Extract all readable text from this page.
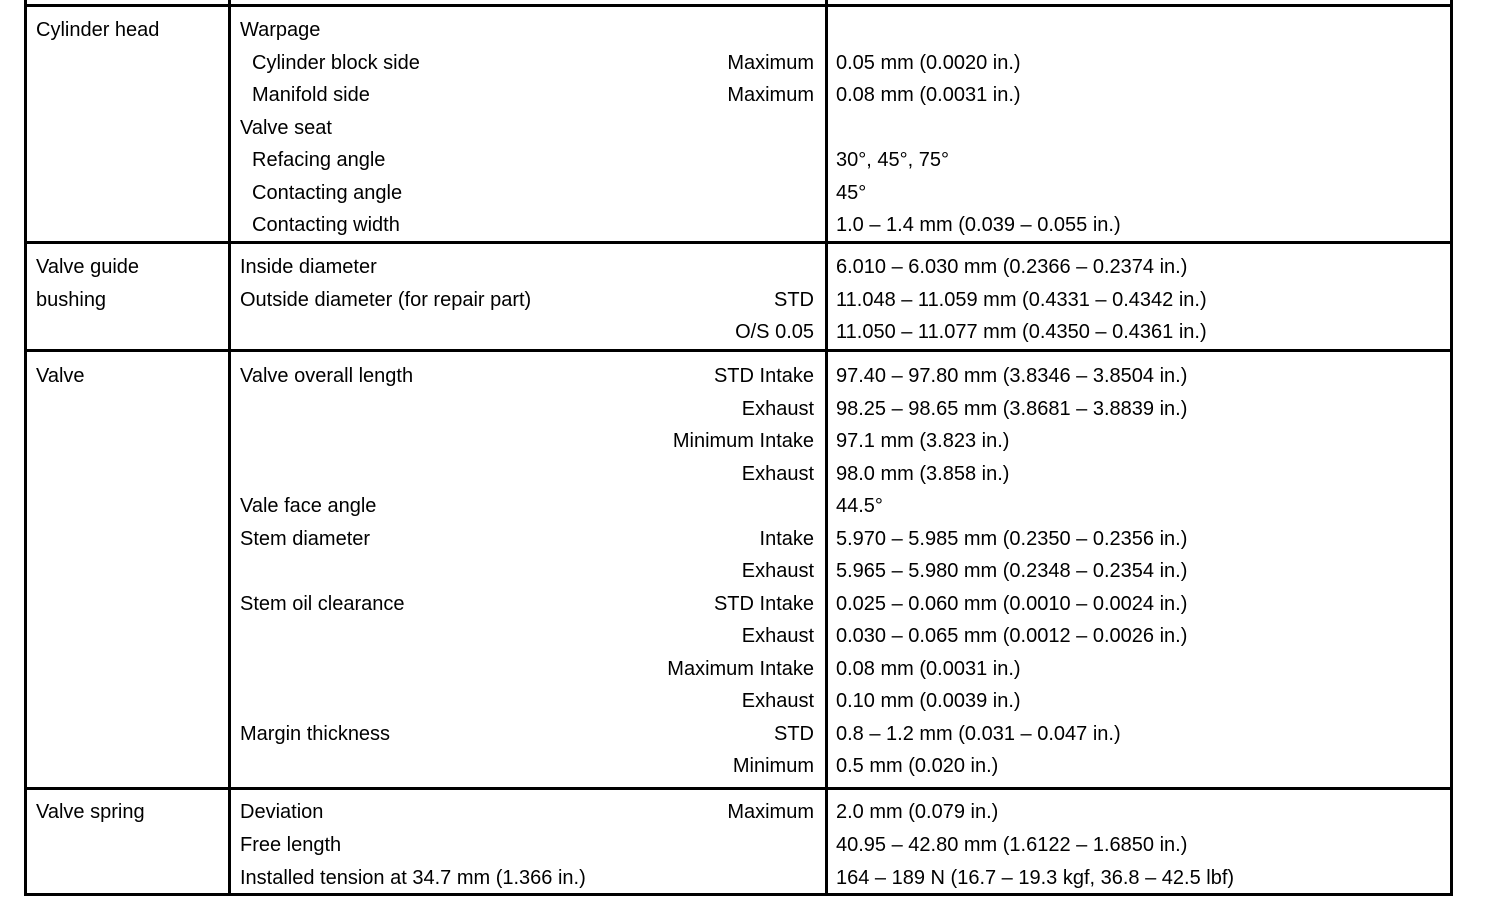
Cylinder head	Warpage
Cylinder block side	Maximum 0.05 mm (0.0020 in.)
Manifold side	Maximum 0.08 mm (0.0031 in.)
Valve seat
Refacing angle	30°, 45°, 75°
Contacting angle	45°
Contacting width	1.0 – 1.4 mm (0.039 – 0.055 in.)
Valve guide bushing
Inside diameter	6.010 – 6.030 mm (0.2366 – 0.2374 in.)
Outside diameter (for repair part)	STD 11.048 – 11.059 mm (0.4331 – 0.4342 in.)
O/S 0.05 11.050 – 11.077 mm (0.4350 – 0.4361 in.)
Valve	Valve overall length	STD Intake 97.40 – 97.80 mm (3.8346 – 3.8504 in.)
Exhaust 98.25 – 98.65 mm (3.8681 – 3.8839 in.)
Minimum Intake 97.1 mm (3.823 in.)
Exhaust 98.0 mm (3.858 in.)
Vale face angle	44.5°
Stem diameter	Intake 5.970 – 5.985 mm (0.2350 – 0.2356 in.)
Exhaust 5.965 – 5.980 mm (0.2348 – 0.2354 in.)
Stem oil clearance	STD Intake 0.025 – 0.060 mm (0.0010 – 0.0024 in.)
Exhaust 0.030 – 0.065 mm (0.0012 – 0.0026 in.)
Maximum Intake 0.08 mm (0.0031 in.)
Exhaust 0.10 mm (0.0039 in.)
Margin thickness	STD 0.8 – 1.2 mm (0.031 – 0.047 in.)
Minimum 0.5 mm (0.020 in.)
Valve spring	Deviation	Maximum 2.0 mm (0.079 in.)
Free length	40.95 – 42.80 mm (1.6122 – 1.6850 in.)
Installed tension at 34.7 mm (1.366 in.)	164 – 189 N (16.7 – 19.3 kgf, 36.8 – 42.5 lbf)
